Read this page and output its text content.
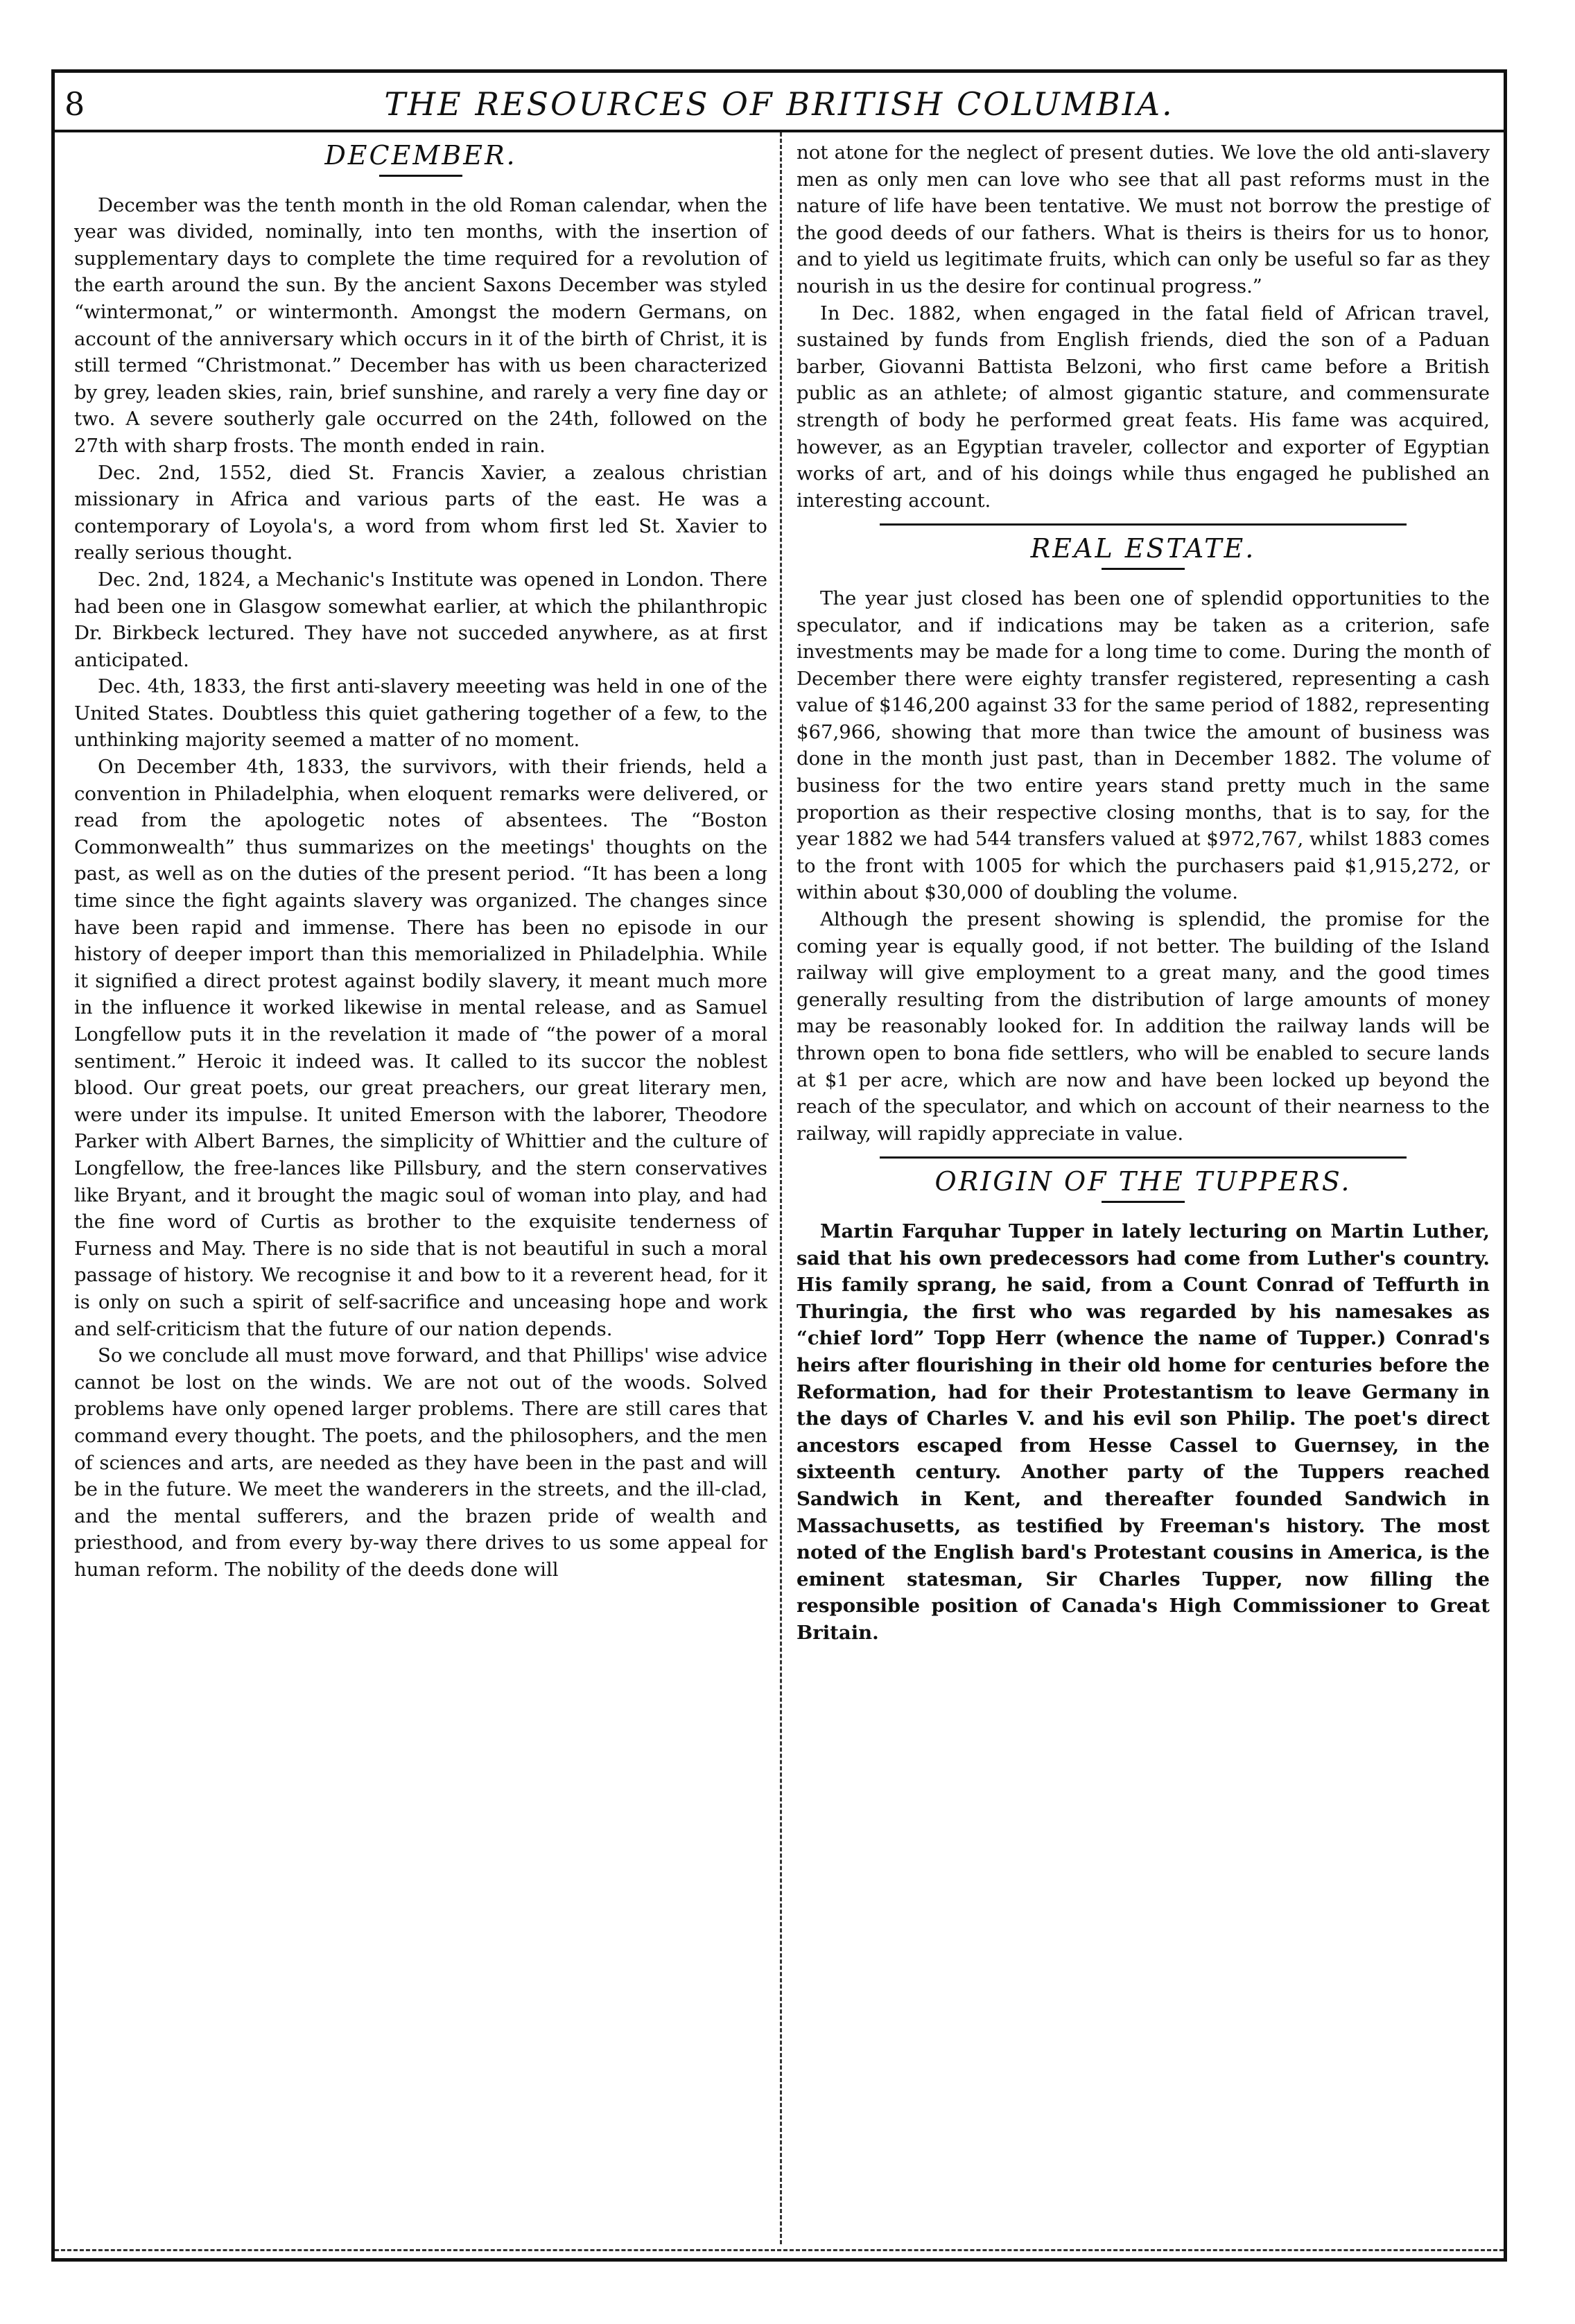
8	THE RESOURCES OF BRITISH COLUMBIA.
DECEMBER.

December was the tenth month in the old Roman calendar, when the year was divided, nominally, into ten months, with the insertion of supplementary days to complete the time required for a revolution of the earth around the sun. By the ancient Saxons December was styled “wintermonat,” or wintermonth. Amongst the modern Germans, on account of the anniversary which occurs in it of the birth of Christ, it is still termed “Christmonat.” December has with us been characterized by grey, leaden skies, rain, brief sunshine, and rarely a very fine day or two. A severe southerly gale occurred on the 24th, followed on the 27th with sharp frosts. The month ended in rain.

Dec. 2nd, 1552, died St. Francis Xavier, a zealous christian missionary in Africa and various parts of the east. He was a contemporary of Loyola's, a word from whom first led St. Xavier to really serious thought.

Dec. 2nd, 1824, a Mechanic's Institute was opened in London. There had been one in Glasgow somewhat earlier, at which the philanthropic Dr. Birkbeck lectured. They have not succeded anywhere, as at first anticipated.

Dec. 4th, 1833, the first anti-slavery meeeting was held in one of the United States. Doubtless this quiet gathering together of a few, to the unthinking majority seemed a matter of no moment.

On December 4th, 1833, the survivors, with their friends, held a convention in Philadelphia, when eloquent remarks were delivered, or read from the apologetic notes of absentees. The “Boston Commonwealth” thus summarizes on the meetings' thoughts on the past, as well as on the duties of the present period. “It has been a long time since the fight againts slavery was organized. The changes since have been rapid and immense. There has been no episode in our history of deeper import than this memorialized in Philadelphia. While it signified a direct protest against bodily slavery, it meant much more in the influence it worked likewise in mental release, and as Samuel Longfellow puts it in the revelation it made of “the power of a moral sentiment.” Heroic it indeed was. It called to its succor the noblest blood. Our great poets, our great preachers, our great literary men, were under its impulse. It united Emerson with the laborer, Theodore Parker with Albert Barnes, the simplicity of Whittier and the culture of Longfellow, the free-lances like Pillsbury, and the stern conservatives like Bryant, and it brought the magic soul of woman into play, and had the fine word of Curtis as brother to the exquisite tenderness of Furness and May. There is no side that is not beautiful in such a moral passage of history. We recognise it and bow to it a reverent head, for it is only on such a spirit of self-sacrifice and unceasing hope and work and self-criticism that the future of our nation depends.

So we conclude all must move forward, and that Phillips' wise advice cannot be lost on the winds. We are not out of the woods. Solved problems have only opened larger problems. There are still cares that command every thought. The poets, and the philosophers, and the men of sciences and arts, are needed as they have been in the past and will be in the future. We meet the wanderers in the streets, and the ill-clad, and the mental sufferers, and the brazen pride of wealth and priesthood, and from every by-way there drives to us some appeal for human reform. The nobility of the deeds done will

not atone for the neglect of present duties. We love the old anti-slavery men as only men can love who see that all past reforms must in the nature of life have been tentative. We must not borrow the prestige of the good deeds of our fathers. What is theirs is theirs for us to honor, and to yield us legitimate fruits, which can only be useful so far as they nourish in us the desire for continual progress.”

In Dec. 1882, when engaged in the fatal field of African travel, sustained by funds from English friends, died the son of a Paduan barber, Giovanni Battista Belzoni, who first came before a British public as an athlete; of almost gigantic stature, and commensurate strength of body he performed great feats. His fame was acquired, however, as an Egyptian traveler, collector and exporter of Egyptian works of art, and of his doings while thus engaged he published an interesting account.

REAL ESTATE.

The year just closed has been one of splendid opportunities to the speculator, and if indications may be taken as a criterion, safe investments may be made for a long time to come. During the month of December there were eighty transfer registered, representing a cash value of $146,200 against 33 for the same period of 1882, representing $67,966, showing that more than twice the amount of business was done in the month just past, than in December 1882. The volume of business for the two entire years stand pretty much in the same proportion as their respective closing months, that is to say, for the year 1882 we had 544 transfers valued at $972,767, whilst 1883 comes to the front with 1005 for which the purchasers paid $1,915,272, or within about $30,000 of doubling the volume.

Although the present showing is splendid, the promise for the coming year is equally good, if not better. The building of the Island railway will give employment to a great many, and the good times generally resulting from the distribution of large amounts of money may be reasonably looked for. In addition the railway lands will be thrown open to bona fide settlers, who will be enabled to secure lands at $1 per acre, which are now and have been locked up beyond the reach of the speculator, and which on account of their nearness to the railway, will rapidly appreciate in value.

ORIGIN OF THE TUPPERS.

Martin Farquhar Tupper in lately lecturing on Martin Luther, said that his own predecessors had come from Luther's country. His family sprang, he said, from a Count Conrad of Teffurth in Thuringia, the first who was regarded by his namesakes as “chief lord” Topp Herr (whence the name of Tupper.) Conrad's heirs after flourishing in their old home for centuries before the Reformation, had for their Protestantism to leave Germany in the days of Charles V. and his evil son Philip. The poet's direct ancestors escaped from Hesse Cassel to Guernsey, in the sixteenth century. Another party of the Tuppers reached Sandwich in Kent, and thereafter founded Sandwich in Massachusetts, as testified by Freeman's history. The most noted of the English bard's Protestant cousins in America, is the eminent statesman, Sir Charles Tupper, now filling the responsible position of Canada's High Commissioner to Great Britain.
